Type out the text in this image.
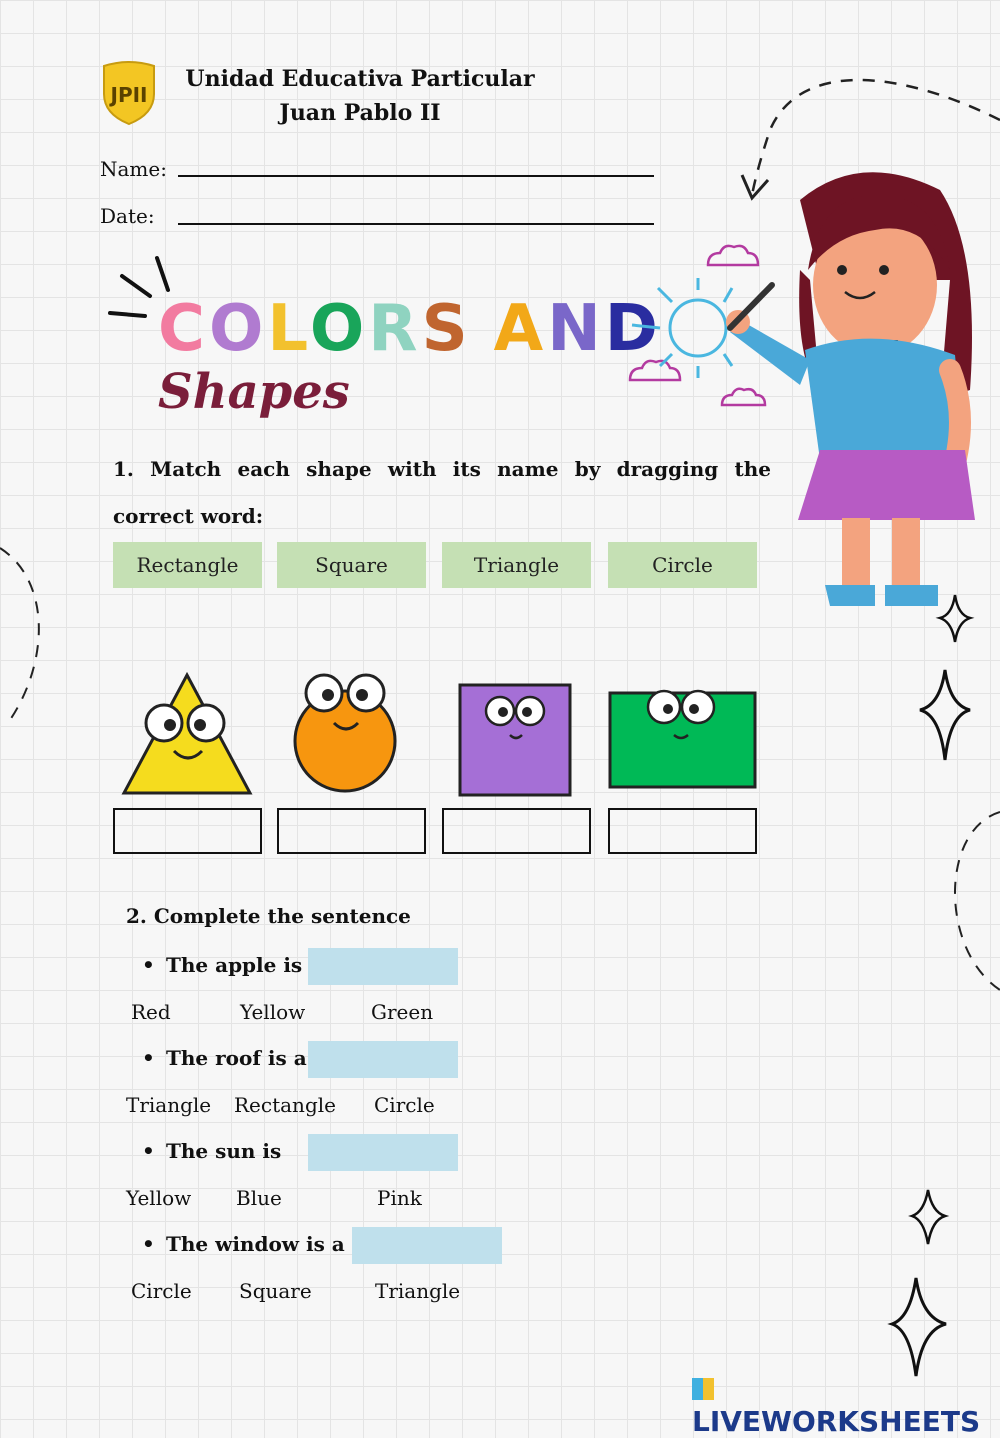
JPII
Unidad Educativa Particular
Juan Pablo II
Name:
Date:
COLORS AND
Shapes
1. Match each shape with its name by dragging the correct word:
Rectangle	Square	Triangle	Circle
2. Complete the sentence
• The apple is
Red	Yellow	Green
• The roof is a
Triangle Rectangle Circle
• The sun is
Yellow Blue	Pink
• The window is a
Circle Square	Triangle
LIVEWORKSHEETS
